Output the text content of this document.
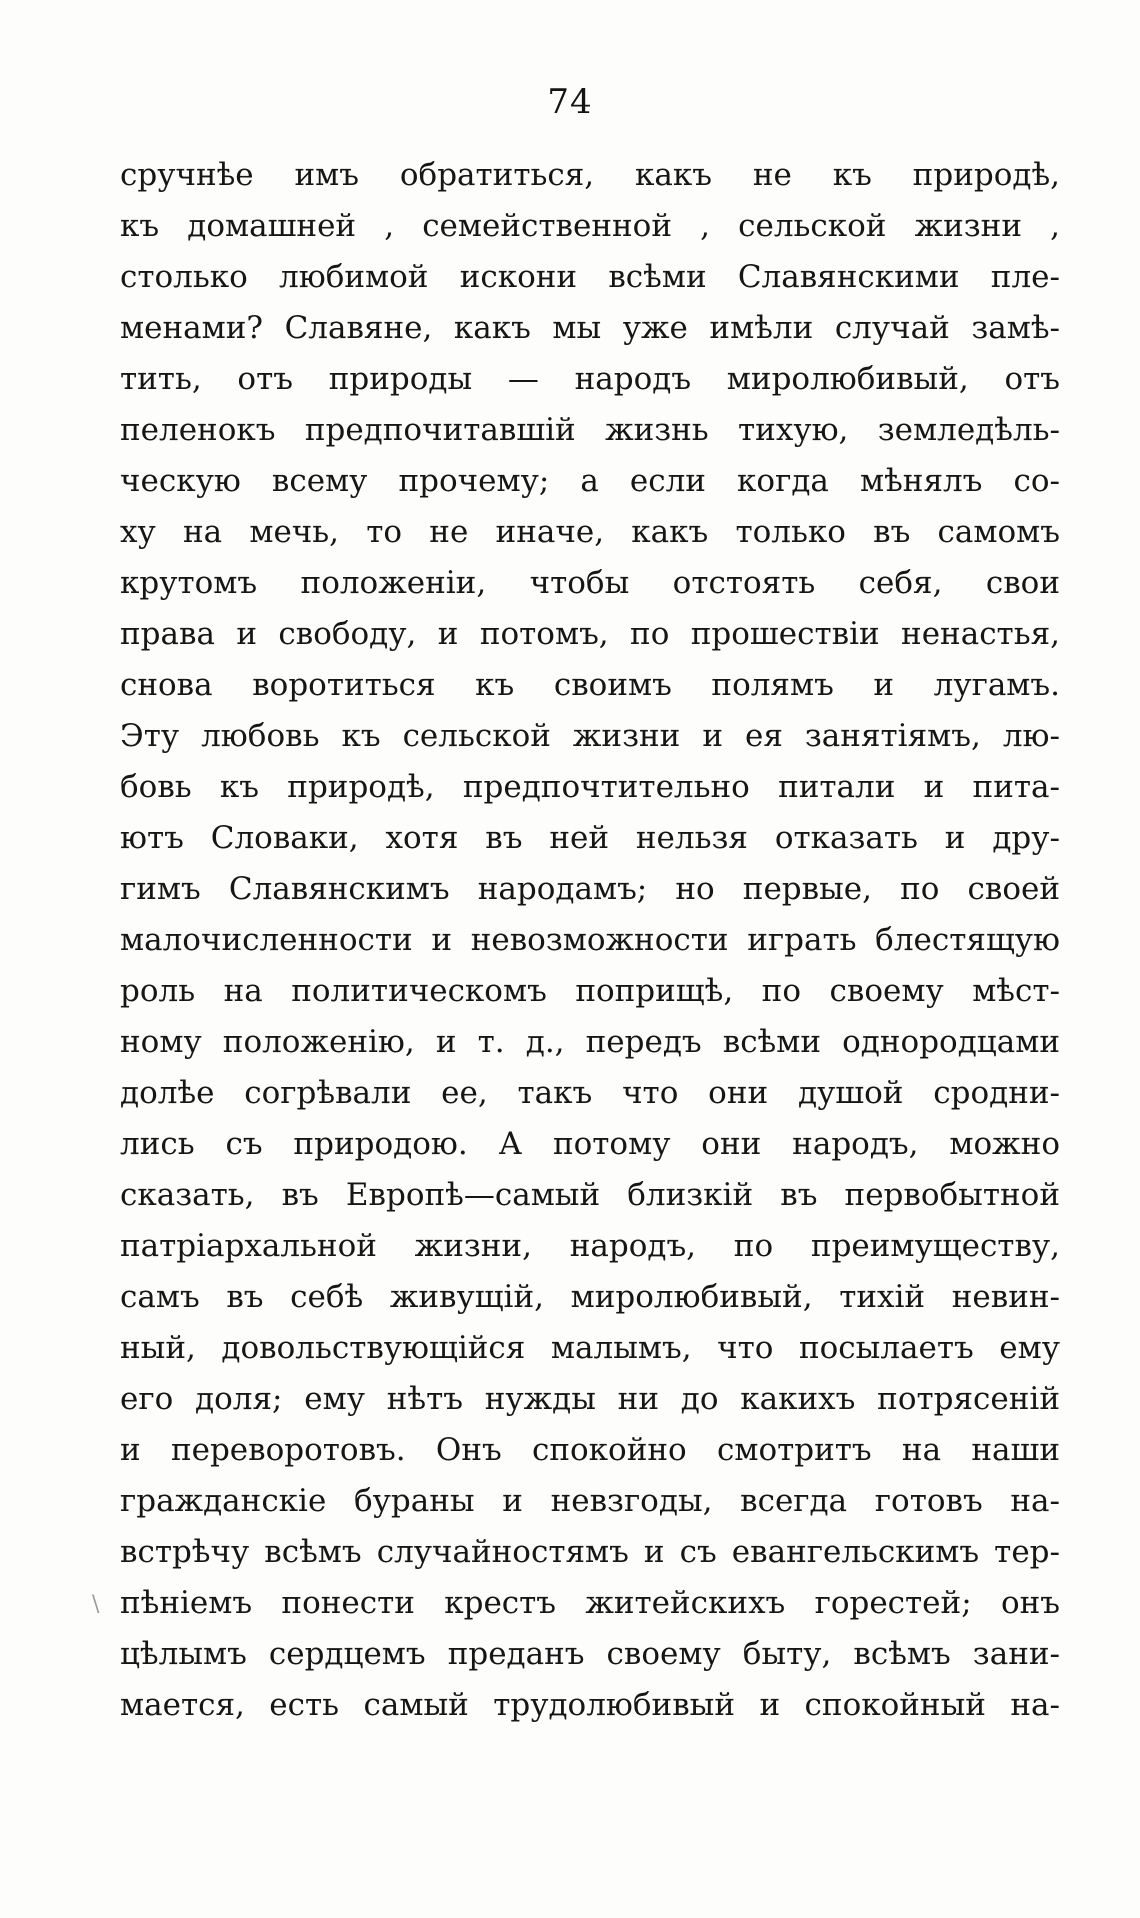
74
\
сручнѣе имъ обратиться, какъ не къ природѣ,
къ домашней , семейственной , сельской жизни ,
столько любимой искони всѣми Славянскими пле-
менами? Славяне, какъ мы уже имѣли случай замѣ-
тить, отъ природы — народъ миролюбивый, отъ
пеленокъ предпочитавшій жизнь тихую, земледѣль-
ческую всему прочему; а если когда мѣнялъ со-
ху на мечь, то не иначе, какъ только въ самомъ
крутомъ положеніи, чтобы отстоять себя, свои
права и свободу, и потомъ, по прошествіи ненастья,
снова воротиться къ своимъ полямъ и лугамъ.
Эту любовь къ сельской жизни и ея занятіямъ, лю-
бовь къ природѣ, предпочтительно питали и пита-
ютъ Словаки, хотя въ ней нельзя отказать и дру-
гимъ Славянскимъ народамъ; но первые, по своей
малочисленности и невозможности играть блестящую
роль на политическомъ поприщѣ, по своему мѣст-
ному положенію, и т. д., передъ всѣми однородцами
долѣе согрѣвали ее, такъ что они душой сродни-
лись съ природою. А потому они народъ, можно
сказать, въ Европѣ—самый близкій въ первобытной
патріархальной жизни, народъ, по преимуществу,
самъ въ себѣ живущій, миролюбивый, тихій невин-
ный, довольствующійся малымъ, что посылаетъ ему
его доля; ему нѣтъ нужды ни до какихъ потрясеній
и переворотовъ. Онъ спокойно смотритъ на наши
гражданскіе бураны и невзгоды, всегда готовъ на-
встрѣчу всѣмъ случайностямъ и съ евангельскимъ тер-
пѣніемъ понести крестъ житейскихъ горестей; онъ
цѣлымъ сердцемъ преданъ своему быту, всѣмъ зани-
мается, есть самый трудолюбивый и спокойный на-
